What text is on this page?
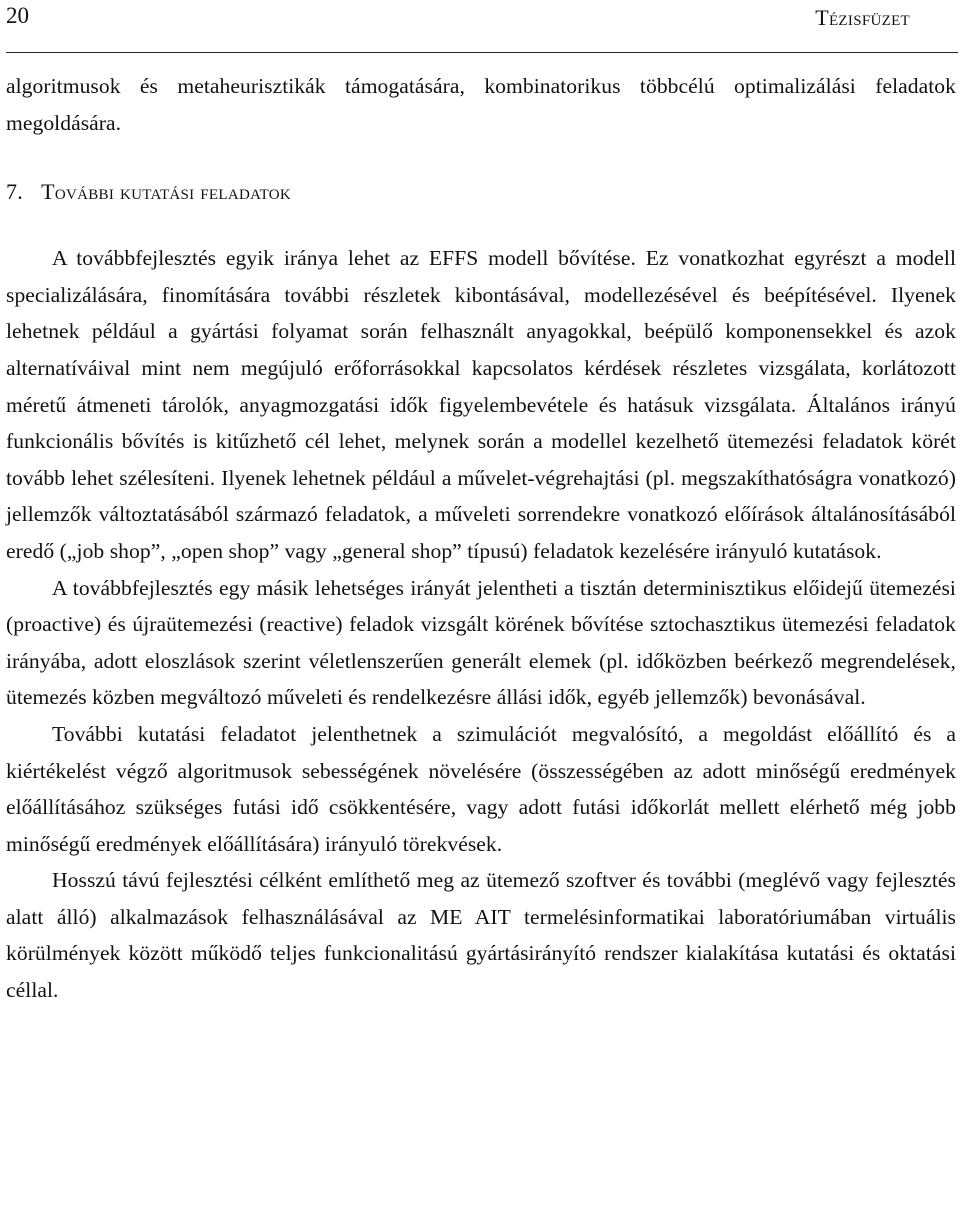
20	Tézisfüzet

algoritmusok és metaheurisztikák támogatására, kombinatorikus többcélú optimalizálási feladatok megoldására.

7. További kutatási feladatok

A továbbfejlesztés egyik iránya lehet az EFFS modell bővítése. Ez vonatkozhat egyrészt a modell specializálására, finomítására további részletek kibontásával, modellezésével és beépítésével. Ilyenek lehetnek például a gyártási folyamat során felhasznált anyagokkal, beépülő komponensekkel és azok alternatíváival mint nem megújuló erőforrásokkal kapcsolatos kérdések részletes vizsgálata, korlátozott méretű átmeneti tárolók, anyagmozgatási idők figyelembevétele és hatásuk vizsgálata. Általános irányú funkcionális bővítés is kitűzhető cél lehet, melynek során a modellel kezelhető ütemezési feladatok körét tovább lehet szélesíteni. Ilyenek lehetnek például a művelet-végrehajtási (pl. megszakíthatóságra vonatkozó) jellemzők változtatásából származó feladatok, a műveleti sorrendekre vonatkozó előírások általánosításából eredő („job shop”, „open shop” vagy „general shop” típusú) feladatok kezelésére irányuló kutatások.

A továbbfejlesztés egy másik lehetséges irányát jelentheti a tisztán determinisztikus előidejű ütemezési (proactive) és újraütemezési (reactive) feladok vizsgált körének bővítése sztochasztikus ütemezési feladatok irányába, adott eloszlások szerint véletlenszerűen generált elemek (pl. időközben beérkező megrendelések, ütemezés közben megváltozó műveleti és rendelkezésre állási idők, egyéb jellemzők) bevonásával.

További kutatási feladatot jelenthetnek a szimulációt megvalósító, a megoldást előállító és a kiértékelést végző algoritmusok sebességének növelésére (összességében az adott minőségű eredmények előállításához szükséges futási idő csökkentésére, vagy adott futási időkorlát mellett elérhető még jobb minőségű eredmények előállítására) irányuló törekvések.

Hosszú távú fejlesztési célként említhető meg az ütemező szoftver és további (meglévő vagy fejlesztés alatt álló) alkalmazások felhasználásával az ME AIT termelésinformatikai laboratóriumában virtuális körülmények között működő teljes funkcionalitású gyártásirányító rendszer kialakítása kutatási és oktatási céllal.
